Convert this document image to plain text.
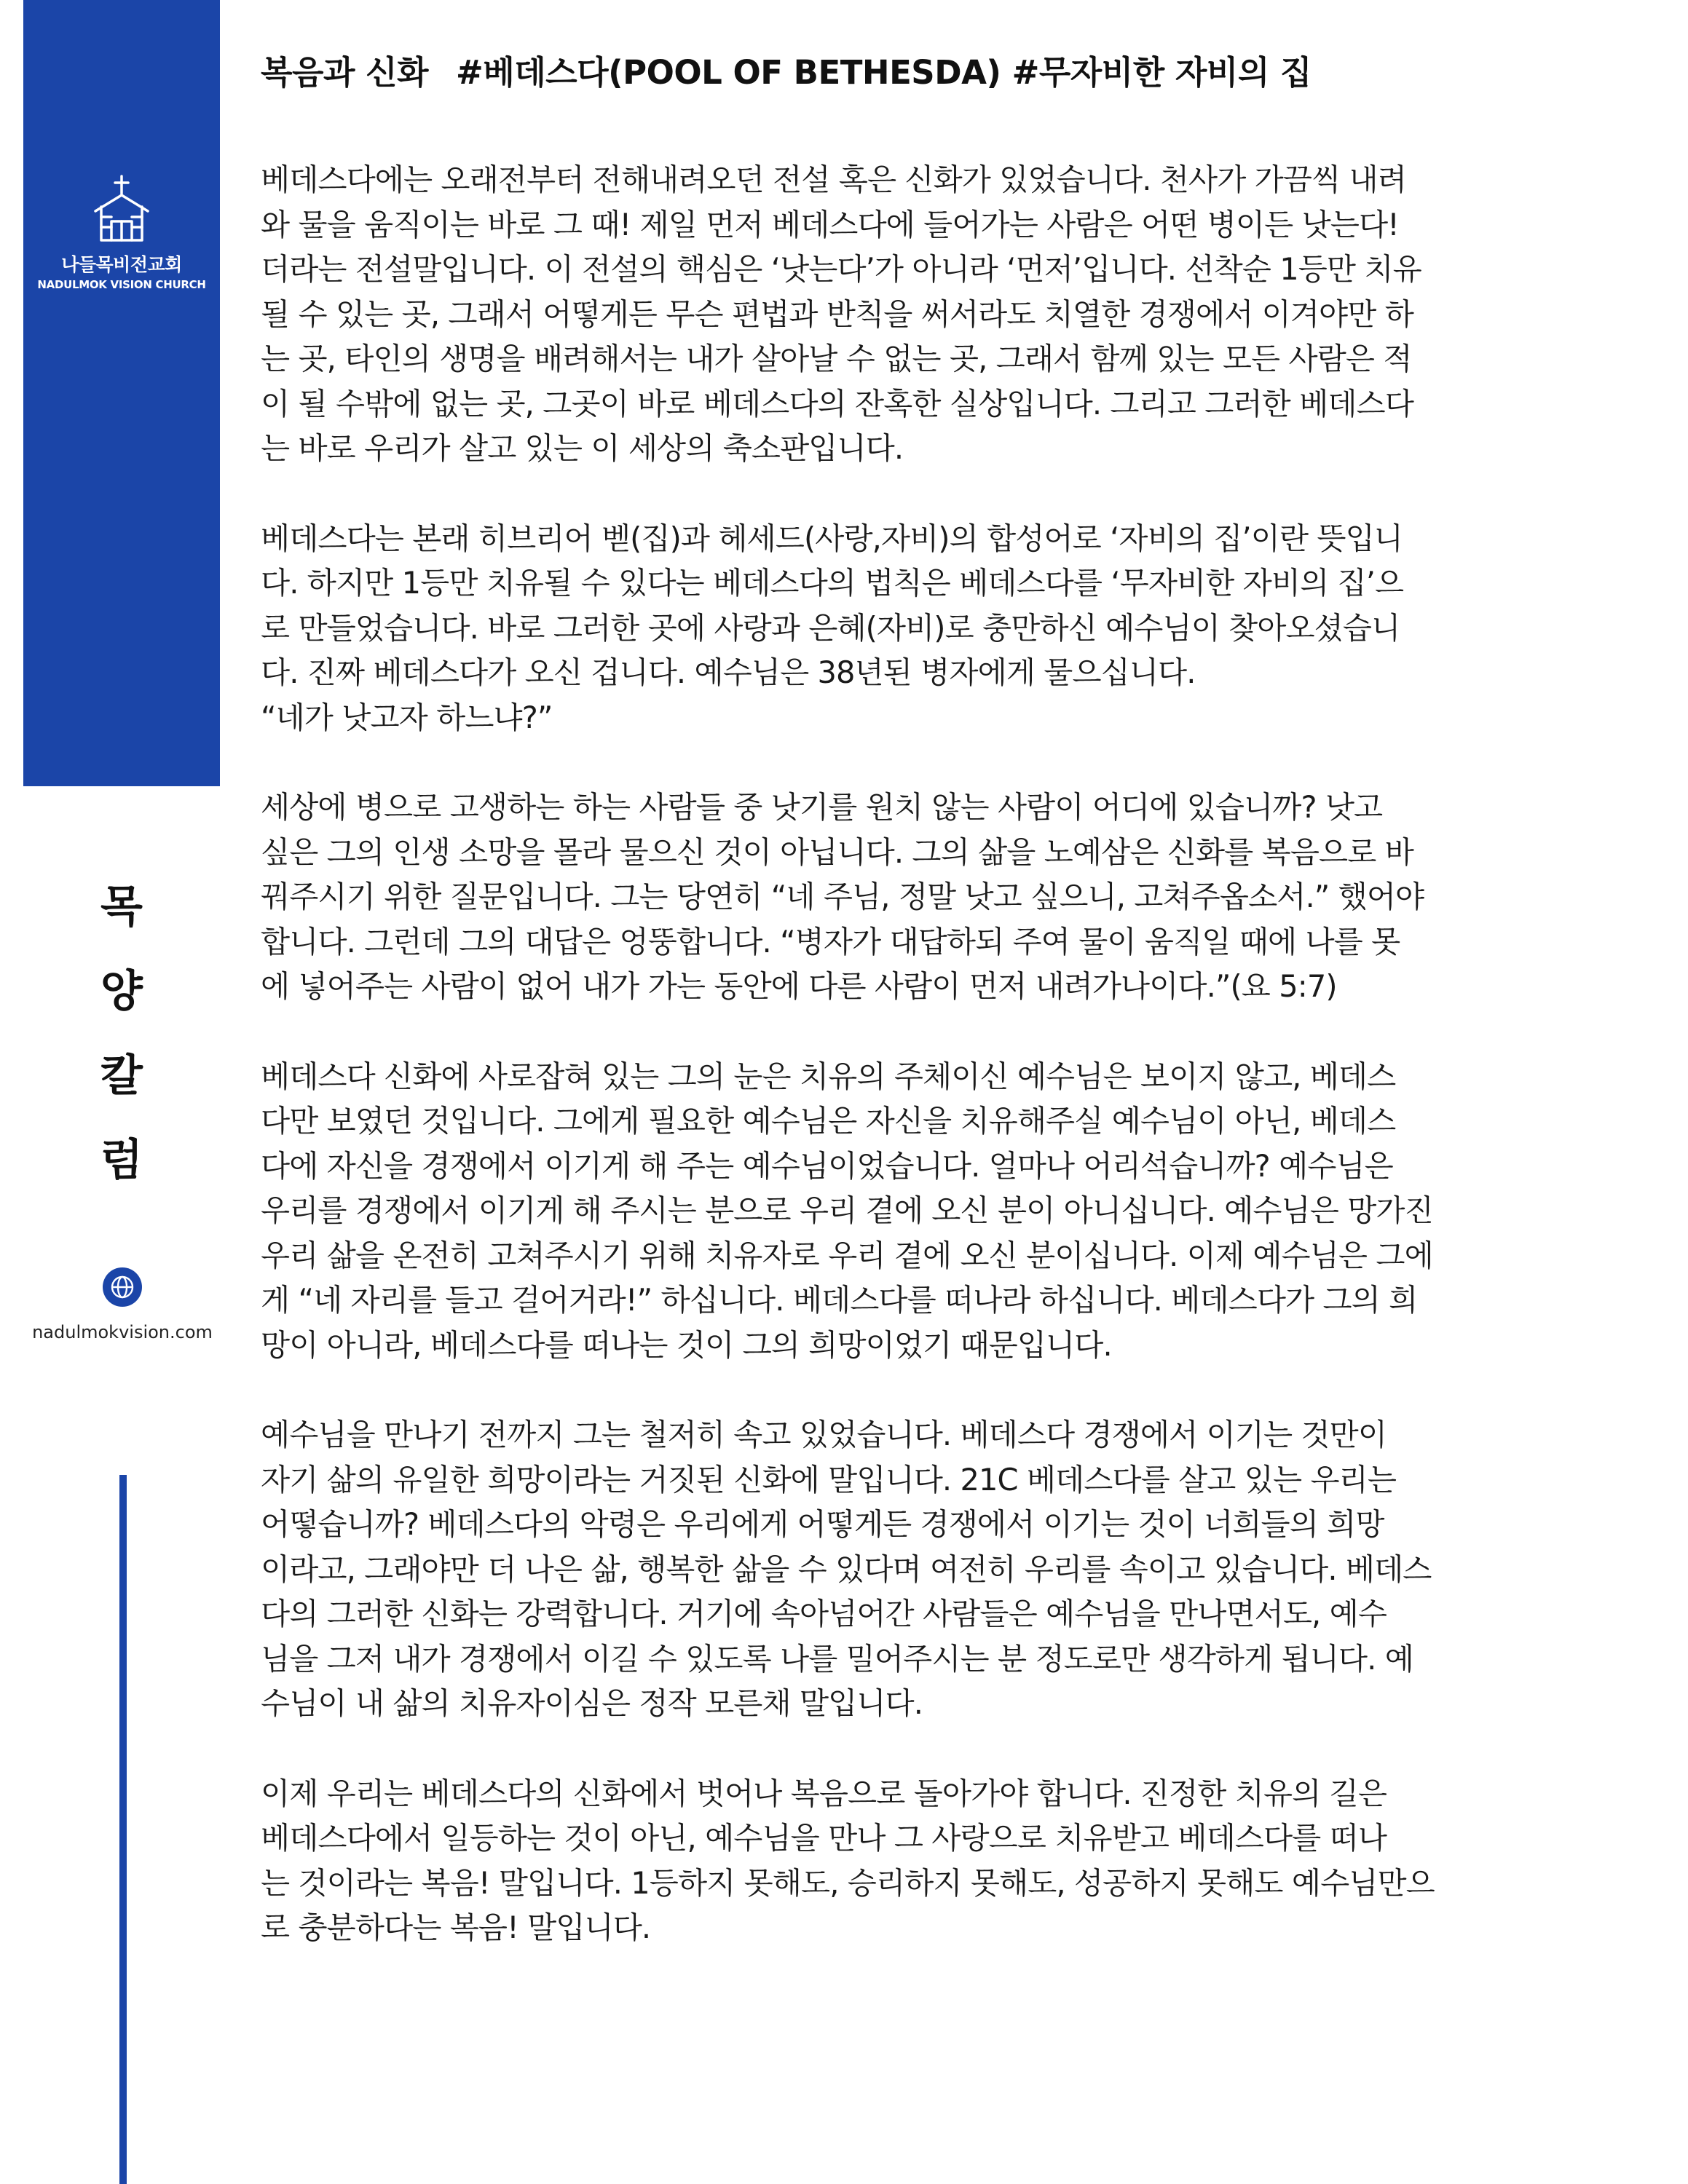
나들목비전교회
NADULMOK VISION CHURCH
목
양
칼
럼
nadulmokvision.com
복음과 신화 #베데스다(POOL OF BETHESDA) #무자비한 자비의 집

베데스다에는 오래전부터 전해내려오던 전설 혹은 신화가 있었습니다. 천사가 가끔씩 내려
와 물을 움직이는 바로 그 때! 제일 먼저 베데스다에 들어가는 사람은 어떤 병이든 낫는다!
더라는 전설말입니다. 이 전설의 핵심은 ‘낫는다’가 아니라 ‘먼저’입니다. 선착순 1등만 치유
될 수 있는 곳, 그래서 어떻게든 무슨 편법과 반칙을 써서라도 치열한 경쟁에서 이겨야만 하
는 곳, 타인의 생명을 배려해서는 내가 살아날 수 없는 곳, 그래서 함께 있는 모든 사람은 적
이 될 수밖에 없는 곳, 그곳이 바로 베데스다의 잔혹한 실상입니다. 그리고 그러한 베데스다
는 바로 우리가 살고 있는 이 세상의 축소판입니다.

베데스다는 본래 히브리어 벧(집)과 헤세드(사랑,자비)의 합성어로 ‘자비의 집’이란 뜻입니
다. 하지만 1등만 치유될 수 있다는 베데스다의 법칙은 베데스다를 ‘무자비한 자비의 집’으
로 만들었습니다. 바로 그러한 곳에 사랑과 은혜(자비)로 충만하신 예수님이 찾아오셨습니
다. 진짜 베데스다가 오신 겁니다. 예수님은 38년된 병자에게 물으십니다.
“네가 낫고자 하느냐?”

세상에 병으로 고생하는 하는 사람들 중 낫기를 원치 않는 사람이 어디에 있습니까? 낫고
싶은 그의 인생 소망을 몰라 물으신 것이 아닙니다. 그의 삶을 노예삼은 신화를 복음으로 바
꿔주시기 위한 질문입니다. 그는 당연히 “네 주님, 정말 낫고 싶으니, 고쳐주옵소서.” 했어야
합니다. 그런데 그의 대답은 엉뚱합니다. “병자가 대답하되 주여 물이 움직일 때에 나를 못
에 넣어주는 사람이 없어 내가 가는 동안에 다른 사람이 먼저 내려가나이다.”(요 5:7)

베데스다 신화에 사로잡혀 있는 그의 눈은 치유의 주체이신 예수님은 보이지 않고, 베데스
다만 보였던 것입니다. 그에게 필요한 예수님은 자신을 치유해주실 예수님이 아닌, 베데스
다에 자신을 경쟁에서 이기게 해 주는 예수님이었습니다. 얼마나 어리석습니까? 예수님은
우리를 경쟁에서 이기게 해 주시는 분으로 우리 곁에 오신 분이 아니십니다. 예수님은 망가진
우리 삶을 온전히 고쳐주시기 위해 치유자로 우리 곁에 오신 분이십니다. 이제 예수님은 그에
게 “네 자리를 들고 걸어거라!” 하십니다. 베데스다를 떠나라 하십니다. 베데스다가 그의 희
망이 아니라, 베데스다를 떠나는 것이 그의 희망이었기 때문입니다.

예수님을 만나기 전까지 그는 철저히 속고 있었습니다. 베데스다 경쟁에서 이기는 것만이
자기 삶의 유일한 희망이라는 거짓된 신화에 말입니다. 21C 베데스다를 살고 있는 우리는
어떻습니까? 베데스다의 악령은 우리에게 어떻게든 경쟁에서 이기는 것이 너희들의 희망
이라고, 그래야만 더 나은 삶, 행복한 삶을 수 있다며 여전히 우리를 속이고 있습니다. 베데스
다의 그러한 신화는 강력합니다. 거기에 속아넘어간 사람들은 예수님을 만나면서도, 예수
님을 그저 내가 경쟁에서 이길 수 있도록 나를 밀어주시는 분 정도로만 생각하게 됩니다. 예
수님이 내 삶의 치유자이심은 정작 모른채 말입니다.

이제 우리는 베데스다의 신화에서 벗어나 복음으로 돌아가야 합니다. 진정한 치유의 길은
베데스다에서 일등하는 것이 아닌, 예수님을 만나 그 사랑으로 치유받고 베데스다를 떠나
는 것이라는 복음! 말입니다. 1등하지 못해도, 승리하지 못해도, 성공하지 못해도 예수님만으
로 충분하다는 복음! 말입니다.
